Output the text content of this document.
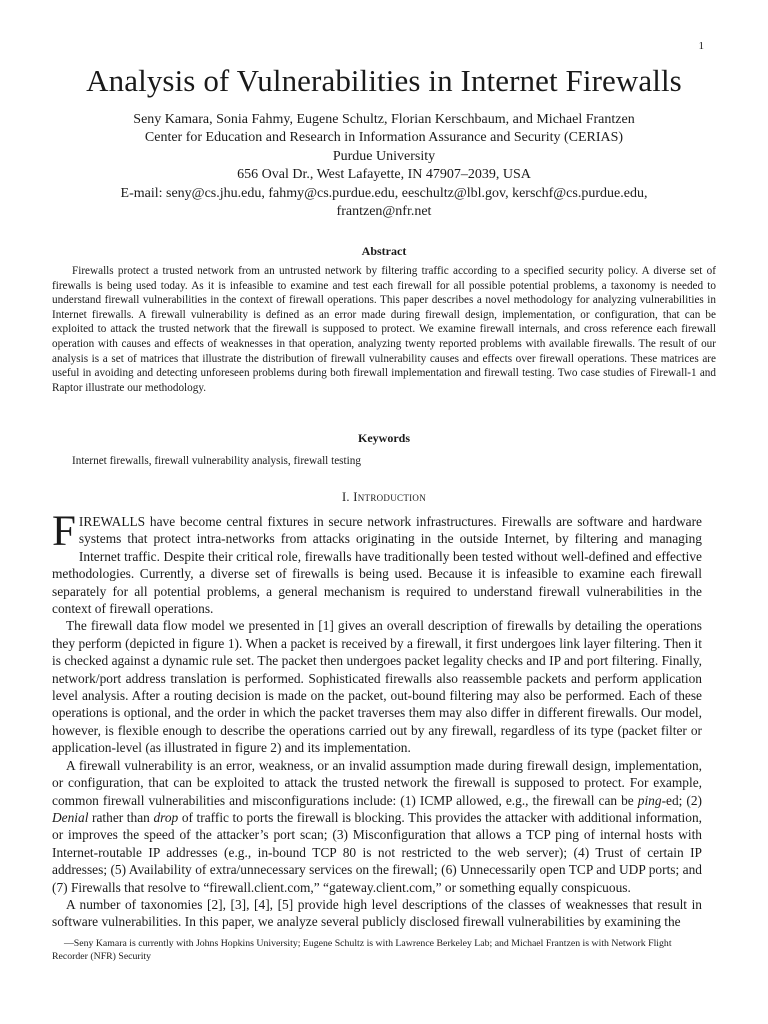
1
Analysis of Vulnerabilities in Internet Firewalls
Seny Kamara, Sonia Fahmy, Eugene Schultz, Florian Kerschbaum, and Michael Frantzen
Center for Education and Research in Information Assurance and Security (CERIAS)
Purdue University
656 Oval Dr., West Lafayette, IN 47907–2039, USA
E-mail: seny@cs.jhu.edu, fahmy@cs.purdue.edu, eeschultz@lbl.gov, kerschf@cs.purdue.edu,
frantzen@nfr.net
Abstract

Firewalls protect a trusted network from an untrusted network by filtering traffic according to a specified security policy. A diverse set of firewalls is being used today. As it is infeasible to examine and test each firewall for all possible potential problems, a taxonomy is needed to understand firewall vulnerabilities in the context of firewall operations. This paper describes a novel methodology for analyzing vulnerabilities in Internet firewalls. A firewall vulnerability is defined as an error made during firewall design, implementation, or configuration, that can be exploited to attack the trusted network that the firewall is supposed to protect. We examine firewall internals, and cross reference each firewall operation with causes and effects of weaknesses in that operation, analyzing twenty reported problems with available firewalls. The result of our analysis is a set of matrices that illustrate the distribution of firewall vulnerability causes and effects over firewall operations. These matrices are useful in avoiding and detecting unforeseen problems during both firewall implementation and firewall testing. Two case studies of Firewall-1 and Raptor illustrate our methodology.

Keywords
Internet firewalls, firewall vulnerability analysis, firewall testing
I. Introduction

FIREWALLS have become central fixtures in secure network infrastructures. Firewalls are software and hardware systems that protect intra-networks from attacks originating in the outside Internet, by filtering and managing Internet traffic. Despite their critical role, firewalls have traditionally been tested without well-defined and effective methodologies. Currently, a diverse set of firewalls is being used. Because it is infeasible to examine each firewall separately for all potential problems, a general mechanism is required to understand firewall vulnerabilities in the context of firewall operations.

The firewall data flow model we presented in [1] gives an overall description of firewalls by detailing the operations they perform (depicted in figure 1). When a packet is received by a firewall, it first undergoes link layer filtering. Then it is checked against a dynamic rule set. The packet then undergoes packet legality checks and IP and port filtering. Finally, network/port address translation is performed. Sophisticated firewalls also reassemble packets and perform application level analysis. After a routing decision is made on the packet, out-bound filtering may also be performed. Each of these operations is optional, and the order in which the packet traverses them may also differ in different firewalls. Our model, however, is flexible enough to describe the operations carried out by any firewall, regardless of its type (packet filter or application-level (as illustrated in figure 2) and its implementation.

A firewall vulnerability is an error, weakness, or an invalid assumption made during firewall design, implementation, or configuration, that can be exploited to attack the trusted network the firewall is supposed to protect. For example, common firewall vulnerabilities and misconfigurations include: (1) ICMP allowed, e.g., the firewall can be ping-ed; (2) Denial rather than drop of traffic to ports the firewall is blocking. This provides the attacker with additional information, or improves the speed of the attacker’s port scan; (3) Misconfiguration that allows a TCP ping of internal hosts with Internet-routable IP addresses (e.g., in-bound TCP 80 is not restricted to the web server); (4) Trust of certain IP addresses; (5) Availability of extra/unnecessary services on the firewall; (6) Unnecessarily open TCP and UDP ports; and (7) Firewalls that resolve to “firewall.client.com,” “gateway.client.com,” or something equally conspicuous.

A number of taxonomies [2], [3], [4], [5] provide high level descriptions of the classes of weaknesses that result in software vulnerabilities. In this paper, we analyze several publicly disclosed firewall vulnerabilities by examining the

—Seny Kamara is currently with Johns Hopkins University; Eugene Schultz is with Lawrence Berkeley Lab; and Michael Frantzen is with Network Flight Recorder (NFR) Security
